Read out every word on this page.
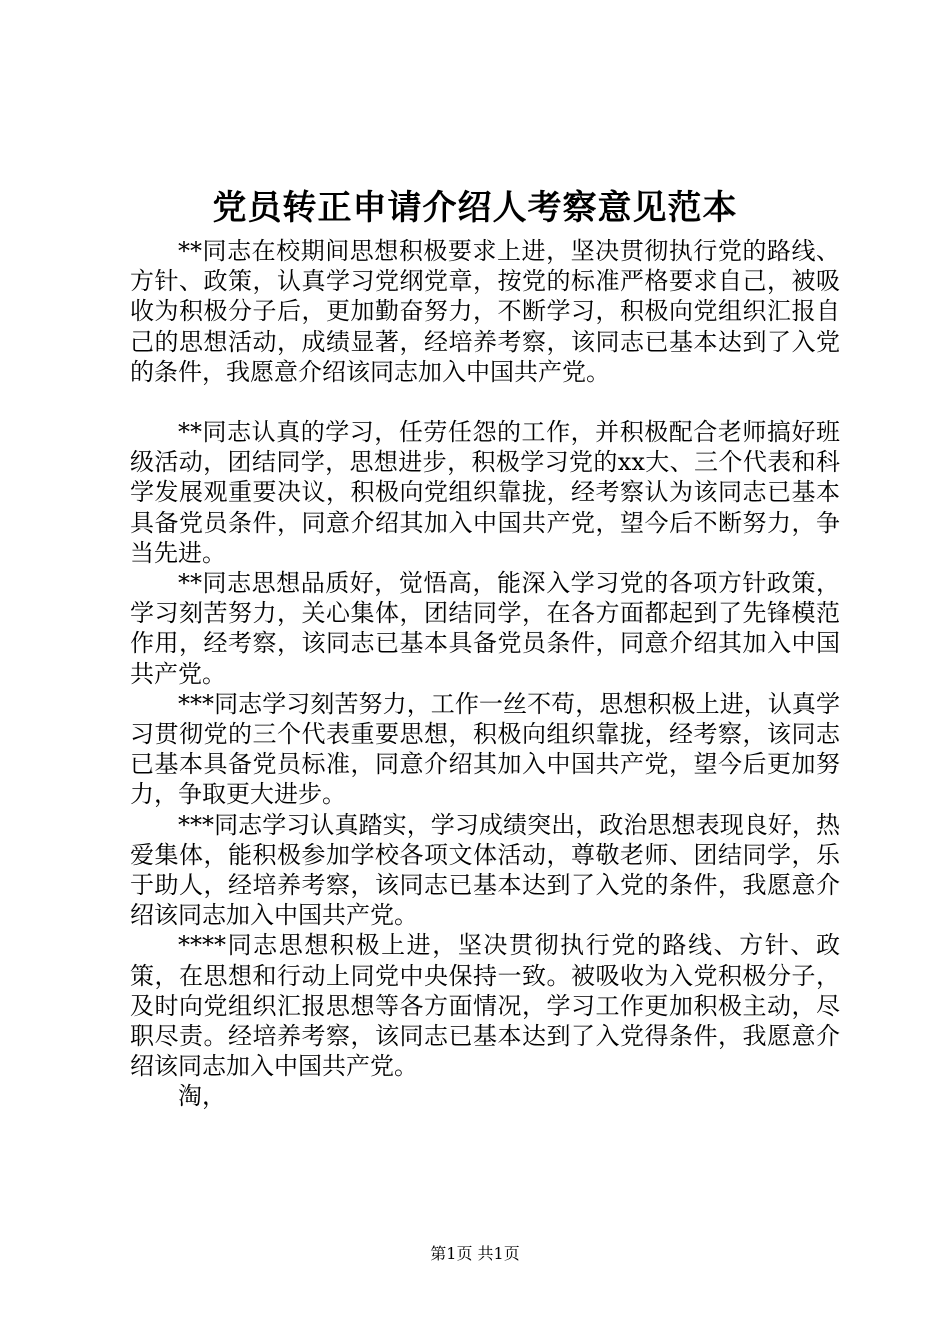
党员转正申请介绍人考察意见范本

**同志在校期间思想积极要求上进，坚决贯彻执行党的路线、方针、政策，认真学习党纲党章，按党的标准严格要求自己，被吸收为积极分子后，更加勤奋努力，不断学习，积极向党组织汇报自己的思想活动，成绩显著，经培养考察，该同志已基本达到了入党的条件，我愿意介绍该同志加入中国共产党。

**同志认真的学习，任劳任怨的工作，并积极配合老师搞好班级活动，团结同学，思想进步，积极学习党的xx大、三个代表和科学发展观重要决议，积极向党组织靠拢，经考察认为该同志已基本具备党员条件，同意介绍其加入中国共产党，望今后不断努力，争当先进。

**同志思想品质好，觉悟高，能深入学习党的各项方针政策，学习刻苦努力，关心集体，团结同学，在各方面都起到了先锋模范作用，经考察，该同志已基本具备党员条件，同意介绍其加入中国共产党。

***同志学习刻苦努力，工作一丝不苟，思想积极上进，认真学习贯彻党的三个代表重要思想，积极向组织靠拢，经考察，该同志已基本具备党员标准，同意介绍其加入中国共产党，望今后更加努力，争取更大进步。

***同志学习认真踏实，学习成绩突出，政治思想表现良好，热爱集体，能积极参加学校各项文体活动，尊敬老师、团结同学，乐于助人，经培养考察，该同志已基本达到了入党的条件，我愿意介绍该同志加入中国共产党。

****同志思想积极上进，坚决贯彻执行党的路线、方针、政策，在思想和行动上同党中央保持一致。被吸收为入党积极分子，及时向党组织汇报思想等各方面情况，学习工作更加积极主动，尽职尽责。经培养考察，该同志已基本达到了入党得条件，我愿意介绍该同志加入中国共产党。

淘，

第1页 共1页
